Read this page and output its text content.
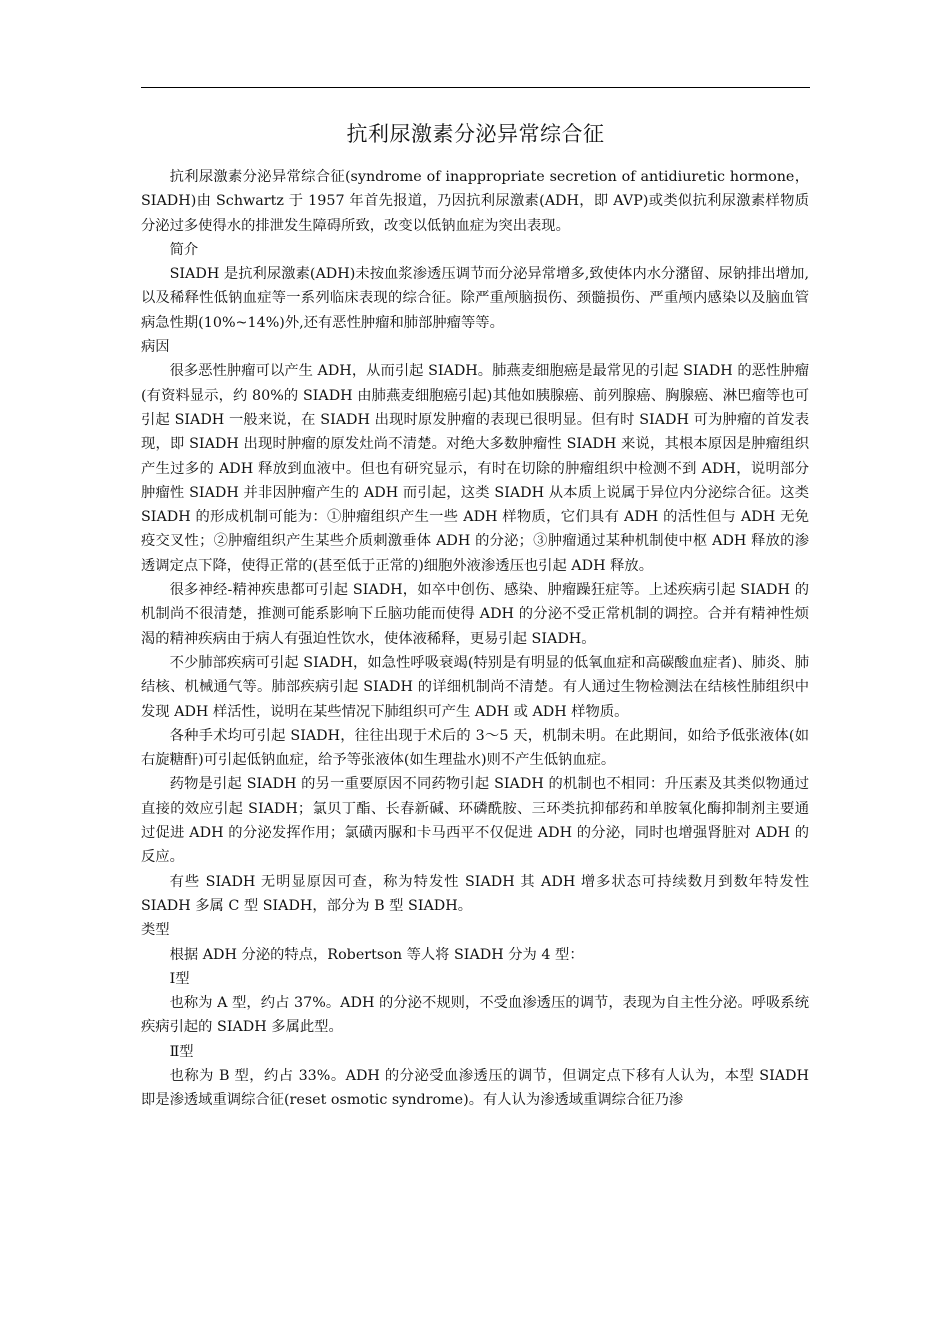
抗利尿激素分泌异常综合征

抗利尿激素分泌异常综合征(syndrome of inappropriate secretion of antidiuretic hormone，SIADH)由 Schwartz 于 1957 年首先报道，乃因抗利尿激素(ADH，即 AVP)或类似抗利尿激素样物质分泌过多使得水的排泄发生障碍所致，改变以低钠血症为突出表现。

简介

SIADH 是抗利尿激素(ADH)未按血浆渗透压调节而分泌异常增多,致使体内水分潴留、尿钠排出增加,以及稀释性低钠血症等一系列临床表现的综合征。除严重颅脑损伤、颈髓损伤、严重颅内感染以及脑血管病急性期(10%~14%)外,还有恶性肿瘤和肺部肿瘤等等。

病因

很多恶性肿瘤可以产生 ADH，从而引起 SIADH。肺燕麦细胞癌是最常见的引起 SIADH 的恶性肿瘤(有资料显示，约 80%的 SIADH 由肺燕麦细胞癌引起)其他如胰腺癌、前列腺癌、胸腺癌、淋巴瘤等也可引起 SIADH 一般来说，在 SIADH 出现时原发肿瘤的表现已很明显。但有时 SIADH 可为肿瘤的首发表现，即 SIADH 出现时肿瘤的原发灶尚不清楚。对绝大多数肿瘤性 SIADH 来说，其根本原因是肿瘤组织产生过多的 ADH 释放到血液中。但也有研究显示，有时在切除的肿瘤组织中检测不到 ADH，说明部分肿瘤性 SIADH 并非因肿瘤产生的 ADH 而引起，这类 SIADH 从本质上说属于异位内分泌综合征。这类 SIADH 的形成机制可能为：①肿瘤组织产生一些 ADH 样物质，它们具有 ADH 的活性但与 ADH 无免疫交叉性；②肿瘤组织产生某些介质刺激垂体 ADH 的分泌；③肿瘤通过某种机制使中枢 ADH 释放的渗透调定点下降，使得正常的(甚至低于正常的)细胞外液渗透压也引起 ADH 释放。

很多神经-精神疾患都可引起 SIADH，如卒中创伤、感染、肿瘤躁狂症等。上述疾病引起 SIADH 的机制尚不很清楚，推测可能系影响下丘脑功能而使得 ADH 的分泌不受正常机制的调控。合并有精神性烦渴的精神疾病由于病人有强迫性饮水，使体液稀释，更易引起 SIADH。

不少肺部疾病可引起 SIADH，如急性呼吸衰竭(特别是有明显的低氧血症和高碳酸血症者)、肺炎、肺结核、机械通气等。肺部疾病引起 SIADH 的详细机制尚不清楚。有人通过生物检测法在结核性肺组织中发现 ADH 样活性，说明在某些情况下肺组织可产生 ADH 或 ADH 样物质。

各种手术均可引起 SIADH，往往出现于术后的 3～5 天，机制未明。在此期间，如给予低张液体(如右旋糖酐)可引起低钠血症，给予等张液体(如生理盐水)则不产生低钠血症。

药物是引起 SIADH 的另一重要原因不同药物引起 SIADH 的机制也不相同：升压素及其类似物通过直接的效应引起 SIADH；氯贝丁酯、长春新碱、环磷酰胺、三环类抗抑郁药和单胺氧化酶抑制剂主要通过促进 ADH 的分泌发挥作用；氯磺丙脲和卡马西平不仅促进 ADH 的分泌，同时也增强肾脏对 ADH 的反应。

有些 SIADH 无明显原因可查，称为特发性 SIADH 其 ADH 增多状态可持续数月到数年特发性 SIADH 多属 C 型 SIADH，部分为 B 型 SIADH。

类型

根据 ADH 分泌的特点，Robertson 等人将 SIADH 分为 4 型：

Ⅰ型

也称为 A 型，约占 37%。ADH 的分泌不规则，不受血渗透压的调节，表现为自主性分泌。呼吸系统疾病引起的 SIADH 多属此型。

Ⅱ型

也称为 B 型，约占 33%。ADH 的分泌受血渗透压的调节，但调定点下移有人认为，本型 SIADH 即是渗透域重调综合征(reset osmotic syndrome)。有人认为渗透域重调综合征乃渗
